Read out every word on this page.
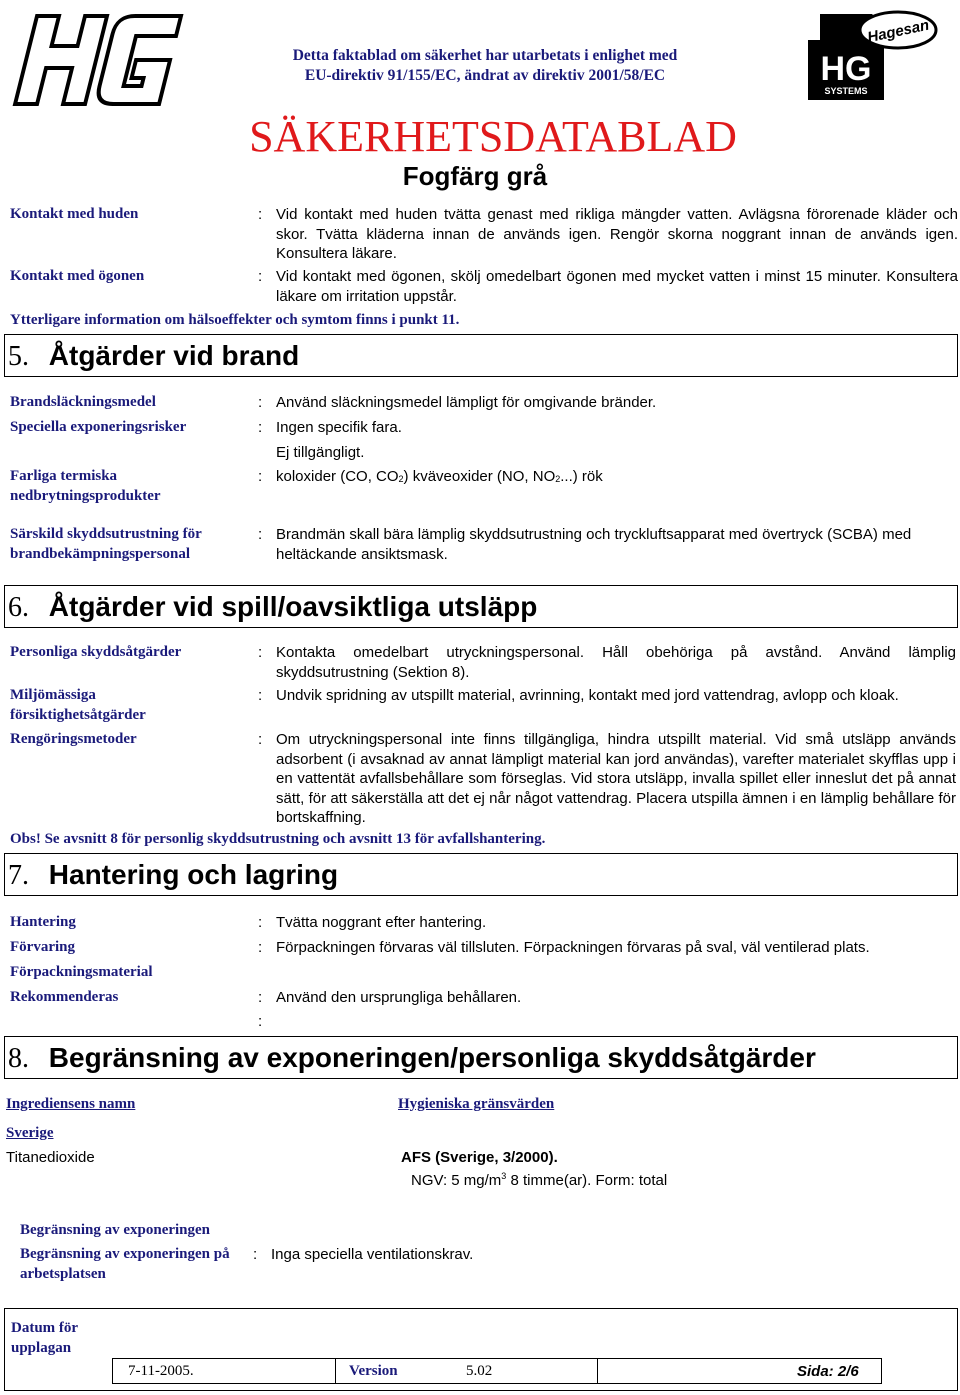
Detta faktablad om säkerhet har utarbetats i enlighet med
EU-direktiv 91/155/EC, ändrat av direktiv 2001/58/EC	HG
SYSTEMS
Hagesan
SÄKERHETSDATABLAD
Fogfärg grå
Kontakt med huden	: Vid kontakt med huden tvätta genast med rikliga mängder vatten. Avlägsna förorenade kläder och skor. Tvätta kläderna innan de används igen. Rengör skorna noggrant innan de används igen. Konsultera läkare.
Kontakt med ögonen	: Vid kontakt med ögonen, skölj omedelbart ögonen med mycket vatten i minst 15 minuter. Konsultera läkare om irritation uppstår.
Ytterligare information om hälsoeffekter och symtom finns i punkt 11.
5. Åtgärder vid brand
Brandsläckningsmedel	: Använd släckningsmedel lämpligt för omgivande bränder.
Speciella exponeringsrisker	: Ingen specifik fara.
Ej tillgängligt.
Farliga termiska nedbrytningsprodukter
: koloxider (CO, $CO_2$) kväveoxider (NO, $NO_2$...) rök
Särskild skyddsutrustning för brandbekämpningspersonal
: Brandmän skall bära lämplig skyddsutrustning och tryckluftsapparat med övertryck (SCBA) med heltäckande ansiktsmask.
6. Åtgärder vid spill/oavsiktliga utsläpp
Personliga skyddsåtgärder	: Kontakta omedelbart utryckningspersonal. Håll obehöriga på avstånd. Använd lämplig skyddsutrustning (Sektion 8).
Miljömässiga försiktighetsåtgärder
: Undvik spridning av utspillt material, avrinning, kontakt med jord vattendrag, avlopp och kloak.
Rengöringsmetoder	: Om utryckningspersonal inte finns tillgängliga, hindra utspillt material. Vid små utsläpp används adsorbent (i avsaknad av annat lämpligt material kan jord användas), varefter materialet skyfflas upp i en vattentät avfallsbehållare som förseglas. Vid stora utsläpp, invalla spillet eller inneslut det på annat sätt, för att säkerställa att det ej når något vattendrag. Placera utspilla ämnen i en lämplig behållare för bortskaffning.
Obs! Se avsnitt 8 för personlig skyddsutrustning och avsnitt 13 för avfallshantering.
7. Hantering och lagring
Hantering	: Tvätta noggrant efter hantering.
Förvaring	: Förpackningen förvaras väl tillsluten. Förpackningen förvaras på sval, väl ventilerad plats.
Förpackningsmaterial
Rekommenderas	: Använd den ursprungliga behållaren.
:
8. Begränsning av exponeringen/personliga skyddsåtgärder
Ingrediensens namn	Hygieniska gränsvärden
Sverige
Titanedioxide	AFS (Sverige, 3/2000).
NGV: 5 $mg/m^3$ 8 timme(ar). Form: total
Begränsning av exponeringen
Begränsning av exponeringen på arbetsplatsen
: Inga speciella ventilationskrav.
Datum för upplagan
7-11-2005.	Version	5.02	Sida: 2/6
